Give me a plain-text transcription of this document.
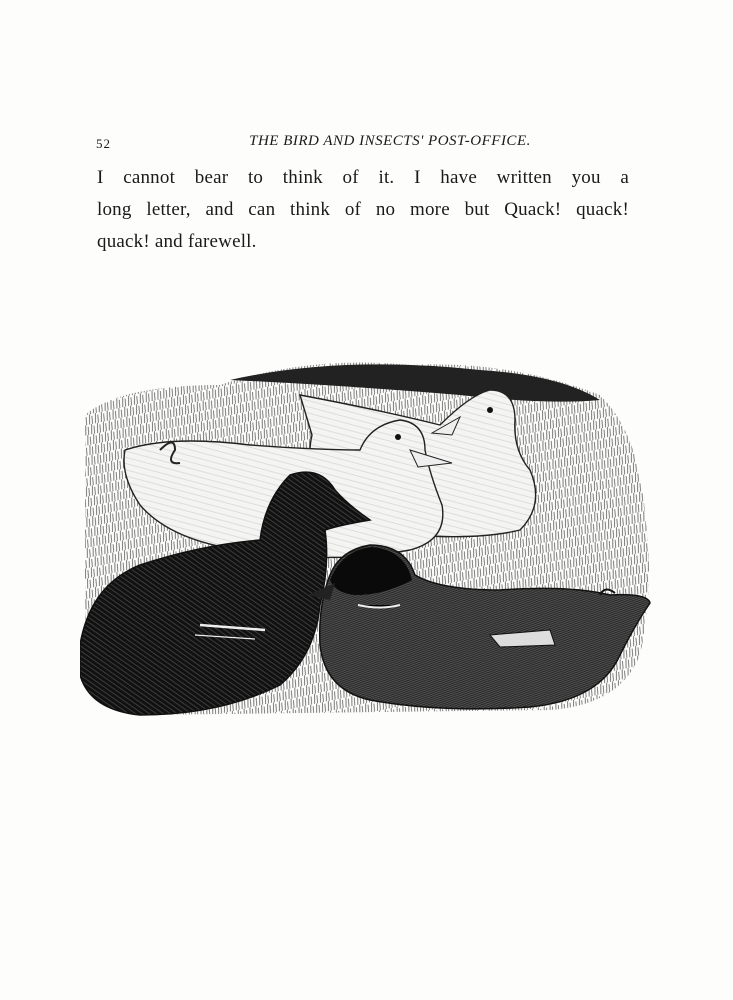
52	THE BIRD AND INSECTS' POST-OFFICE.
I cannot bear to think of it. I have written you a
long letter, and can think of no more but Quack! quack!
quack! and farewell.
